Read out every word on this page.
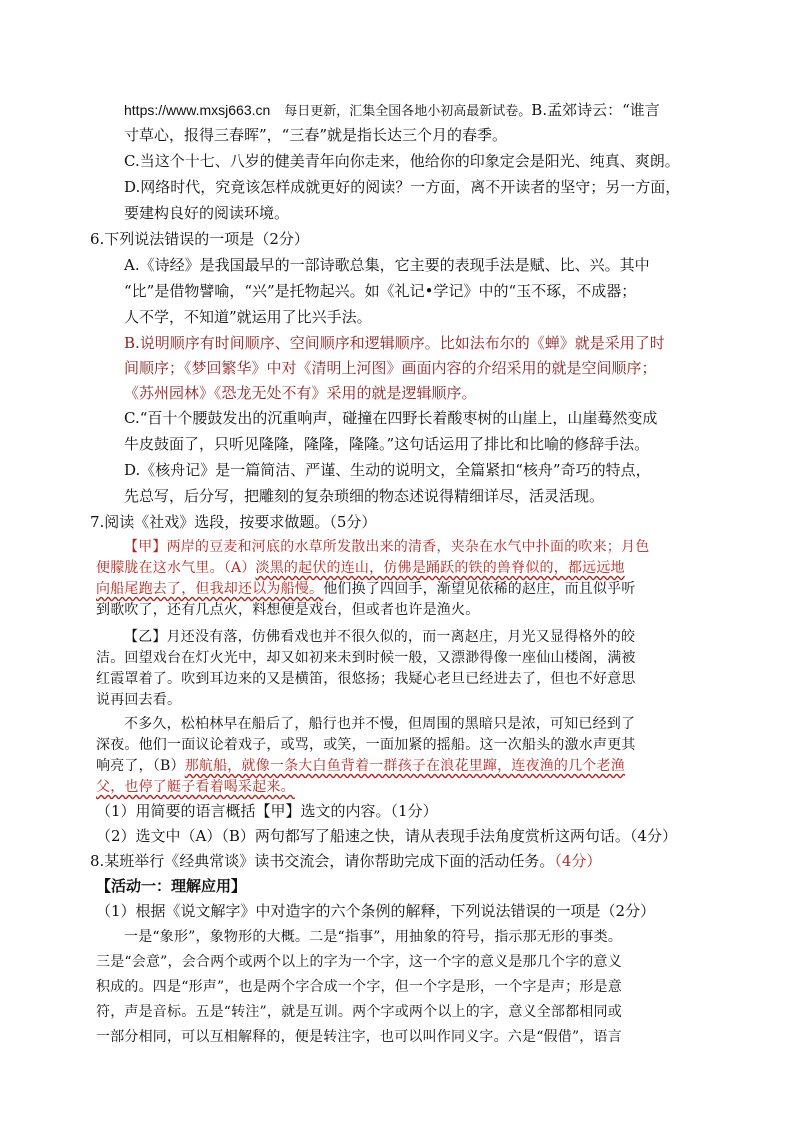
https://www.mxsj663.cn 每日更新，汇集全国各地小初高最新试卷。B.孟郊诗云：“谁言
寸草心，报得三春晖”，“三春”就是指长达三个月的春季。
C.当这个十七、八岁的健美青年向你走来，他给你的印象定会是阳光、纯真、爽朗。
D.网络时代，究竟该怎样成就更好的阅读？一方面，离不开读者的坚守；另一方面，
要建构良好的阅读环境。
6.下列说法错误的一项是（2分）
A.《诗经》是我国最早的一部诗歌总集，它主要的表现手法是赋、比、兴。其中
“比”是借物譬喻，“兴”是托物起兴。如《礼记•学记》中的“玉不琢，不成器；
人不学，不知道”就运用了比兴手法。
B.说明顺序有时间顺序、空间顺序和逻辑顺序。比如法布尔的《蝉》就是采用了时
间顺序；《梦回繁华》中对《清明上河图》画面内容的介绍采用的就是空间顺序；
《苏州园林》《恐龙无处不有》采用的就是逻辑顺序。
C.“百十个腰鼓发出的沉重响声，碰撞在四野长着酸枣树的山崖上，山崖蓦然变成
牛皮鼓面了，只听见隆隆，隆隆，隆隆。”这句话运用了排比和比喻的修辞手法。
D.《核舟记》是一篇简洁、严谨、生动的说明文，全篇紧扣“核舟”奇巧的特点，
先总写，后分写，把雕刻的复杂琐细的物态述说得精细详尽，活灵活现。
7.阅读《社戏》选段，按要求做题。（5分）
【甲】两岸的豆麦和河底的水草所发散出来的清香，夹杂在水气中扑面的吹来；月色
便朦胧在这水气里。（A）淡黑的起伏的连山，仿佛是踊跃的铁的兽脊似的，都远远地
向船尾跑去了，但我却还以为船慢。他们换了四回手，渐望见依稀的赵庄，而且似乎听
到歌吹了，还有几点火，料想便是戏台，但或者也许是渔火。
【乙】月还没有落，仿佛看戏也并不很久似的，而一离赵庄，月光又显得格外的皎
洁。回望戏台在灯火光中，却又如初来未到时候一般，又漂渺得像一座仙山楼阁，满被
红霞罩着了。吹到耳边来的又是横笛，很悠扬；我疑心老旦已经进去了，但也不好意思
说再回去看。
不多久，松柏林早在船后了，船行也并不慢，但周围的黑暗只是浓，可知已经到了
深夜。他们一面议论着戏子，或骂，或笑，一面加紧的摇船。这一次船头的激水声更其
响亮了，（B）那航船，就像一条大白鱼背着一群孩子在浪花里蹿，连夜渔的几个老渔
父，也停了艇子看着喝采起来。
（1）用简要的语言概括【甲】选文的内容。（1分）
（2）选文中（A）（B）两句都写了船速之快，请从表现手法角度赏析这两句话。（4分）
8.某班举行《经典常谈》读书交流会，请你帮助完成下面的活动任务。（4分）
【活动一：理解应用】
（1）根据《说文解字》中对造字的六个条例的解释，下列说法错误的一项是（2分）
一是“象形”，象物形的大概。二是“指事”，用抽象的符号，指示那无形的事类。
三是“会意”，会合两个或两个以上的字为一个字，这一个字的意义是那几个字的意义
积成的。四是“形声”，也是两个字合成一个字，但一个字是形，一个字是声；形是意
符，声是音标。五是“转注”，就是互训。两个字或两个以上的字，意义全部都相同或
一部分相同，可以互相解释的，便是转注字，也可以叫作同义字。六是“假借”，语言
